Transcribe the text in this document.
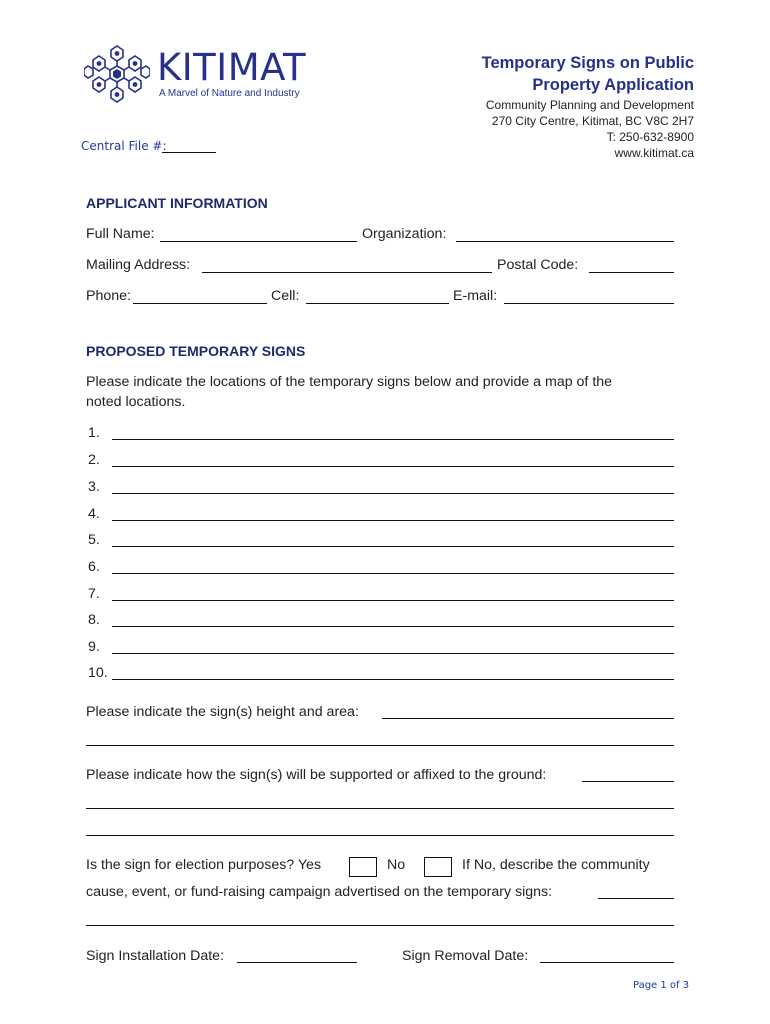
KITIMAT
A Marvel of Nature and Industry
Temporary Signs on Public
Property Application
Community Planning and Development
270 City Centre, Kitimat, BC V8C 2H7
T: 250-632-8900
www.kitimat.ca
Central File #:
APPLICANT INFORMATION
Full Name:	Organization:
Mailing Address:	Postal Code:
Phone:	Cell:	E-mail:
PROPOSED TEMPORARY SIGNS
Please indicate the locations of the temporary signs below and provide a map of the
noted locations.
1.
2.
3.
4.
5.
6.
7.
8.
9.
10.
Please indicate the sign(s) height and area:
Please indicate how the sign(s) will be supported or affixed to the ground:
Is the sign for election purposes? Yes	No	If No, describe the community
cause, event, or fund-raising campaign advertised on the temporary signs:
Sign Installation Date:	Sign Removal Date:
Page 1 of 3
